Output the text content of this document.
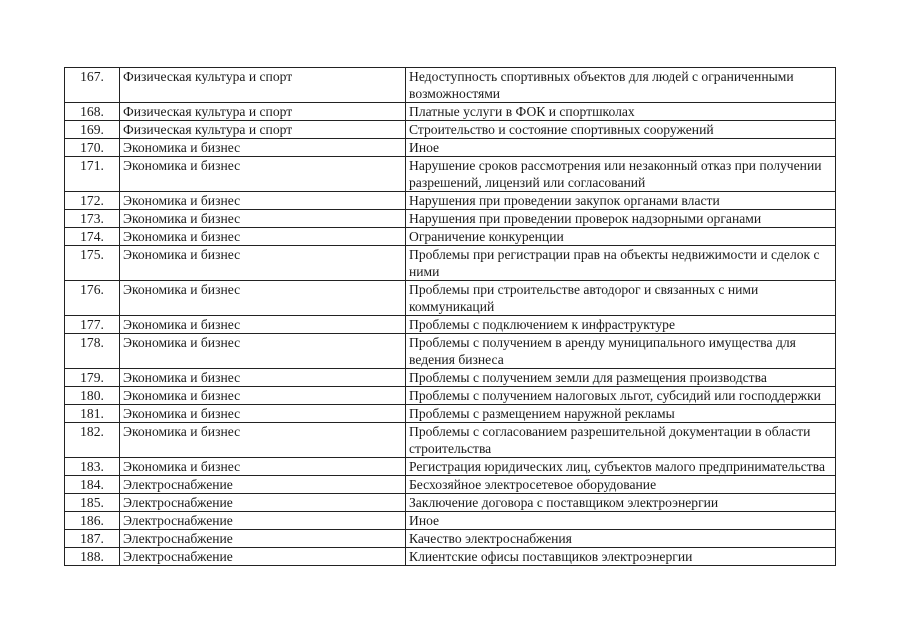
167.	Физическая культура и спорт	Недоступность спортивных объектов для людей с ограниченными возможностями
168.	Физическая культура и спорт	Платные услуги в ФОК и спортшколах
169.	Физическая культура и спорт	Строительство и состояние спортивных сооружений
170.	Экономика и бизнес	Иное
171.	Экономика и бизнес	Нарушение сроков рассмотрения или незаконный отказ при получении разрешений, лицензий или согласований
172.	Экономика и бизнес	Нарушения при проведении закупок органами власти
173.	Экономика и бизнес	Нарушения при проведении проверок надзорными органами
174.	Экономика и бизнес	Ограничение конкуренции
175.	Экономика и бизнес	Проблемы при регистрации прав на объекты недвижимости и сделок с ними
176.	Экономика и бизнес	Проблемы при строительстве автодорог и связанных с ними коммуникаций
177.	Экономика и бизнес	Проблемы с подключением к инфраструктуре
178.	Экономика и бизнес	Проблемы с получением в аренду муниципального имущества для ведения бизнеса
179.	Экономика и бизнес	Проблемы с получением земли для размещения производства
180.	Экономика и бизнес	Проблемы с получением налоговых льгот, субсидий или господдержки
181.	Экономика и бизнес	Проблемы с размещением наружной рекламы
182.	Экономика и бизнес	Проблемы с согласованием разрешительной документации в области строительства
183.	Экономика и бизнес	Регистрация юридических лиц, субъектов малого предпринимательства
184.	Электроснабжение	Бесхозяйное электросетевое оборудование
185.	Электроснабжение	Заключение договора с поставщиком электроэнергии
186.	Электроснабжение	Иное
187.	Электроснабжение	Качество электроснабжения
188.	Электроснабжение	Клиентские офисы поставщиков электроэнергии
